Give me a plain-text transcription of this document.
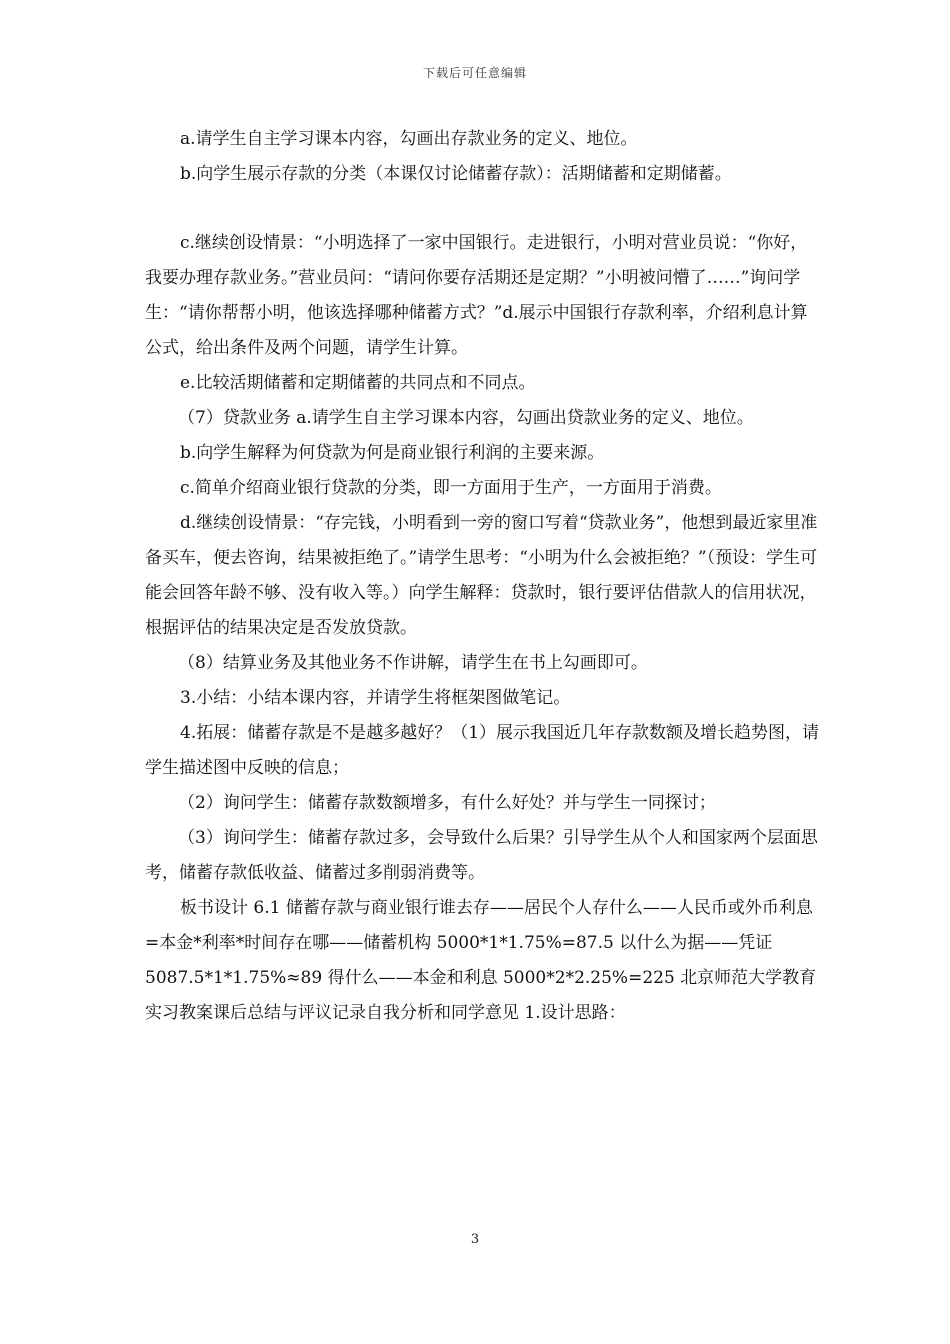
下载后可任意编辑

a.请学生自主学习课本内容，勾画出存款业务的定义、地位。

b.向学生展示存款的分类（本课仅讨论储蓄存款）：活期储蓄和定期储蓄。

c.继续创设情景：“小明选择了一家中国银行。走进银行，小明对营业员说：“你好，我要办理存款业务。”营业员问：“请问你要存活期还是定期？”小明被问懵了……”询问学生：“请你帮帮小明，他该选择哪种储蓄方式？”d.展示中国银行存款利率，介绍利息计算公式，给出条件及两个问题，请学生计算。

e.比较活期储蓄和定期储蓄的共同点和不同点。

（7）贷款业务 a.请学生自主学习课本内容，勾画出贷款业务的定义、地位。

b.向学生解释为何贷款为何是商业银行利润的主要来源。

c.简单介绍商业银行贷款的分类，即一方面用于生产，一方面用于消费。

d.继续创设情景：“存完钱，小明看到一旁的窗口写着“贷款业务”，他想到最近家里准备买车，便去咨询，结果被拒绝了。”请学生思考：“小明为什么会被拒绝？”（预设：学生可能会回答年龄不够、没有收入等。）向学生解释：贷款时，银行要评估借款人的信用状况，根据评估的结果决定是否发放贷款。

（8）结算业务及其他业务不作讲解，请学生在书上勾画即可。

3.小结：小结本课内容，并请学生将框架图做笔记。

4.拓展：储蓄存款是不是越多越好？（1）展示我国近几年存款数额及增长趋势图，请学生描述图中反映的信息；

（2）询问学生：储蓄存款数额增多，有什么好处？并与学生一同探讨；

（3）询问学生：储蓄存款过多，会导致什么后果？引导学生从个人和国家两个层面思考，储蓄存款低收益、储蓄过多削弱消费等。

板书设计 6.1 储蓄存款与商业银行谁去存——居民个人存什么——人民币或外币利息=本金*利率*时间存在哪——储蓄机构 5000*1*1.75%=87.5 以什么为据——凭证 5087.5*1*1.75%≈89 得什么——本金和利息 5000*2*2.25%=225 北京师范大学教育实习教案课后总结与评议记录自我分析和同学意见 1.设计思路：

3
